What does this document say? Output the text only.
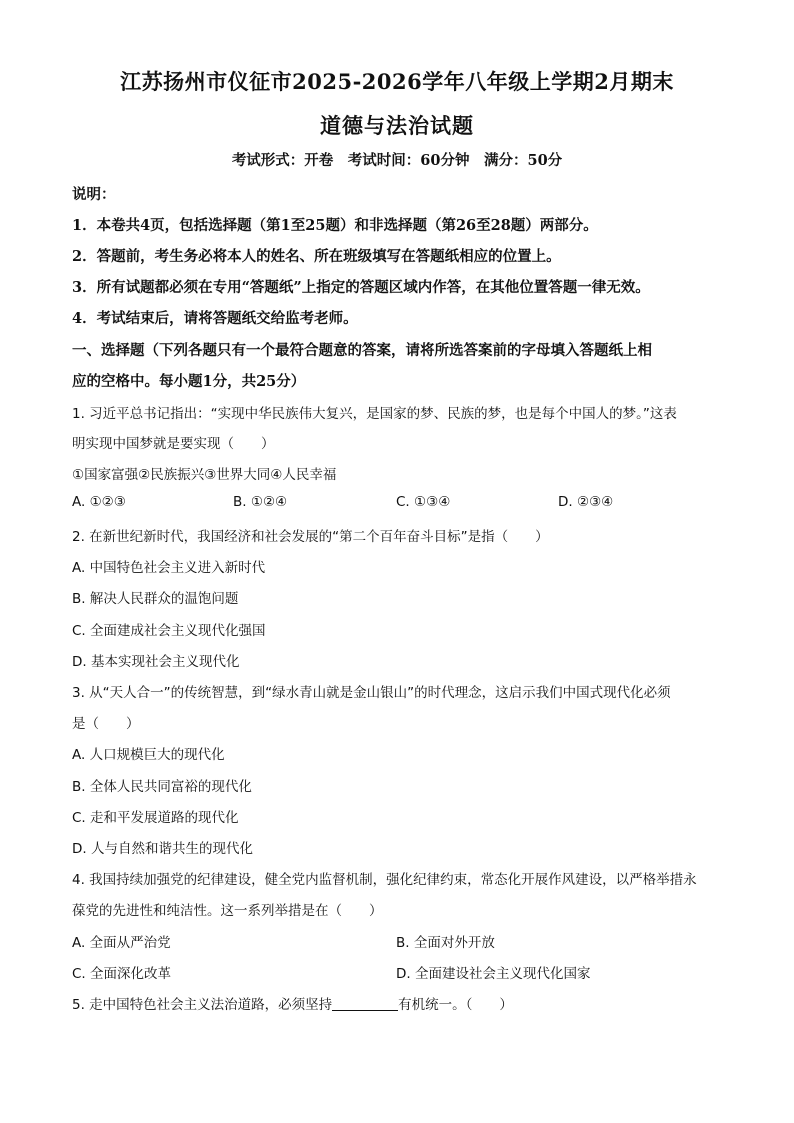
江苏扬州市仪征市2025-2026学年八年级上学期2月期末
道德与法治试题
考试形式：开卷　考试时间：60分钟　满分：50分
说明：
1．本卷共4页，包括选择题（第1至25题）和非选择题（第26至28题）两部分。
2．答题前，考生务必将本人的姓名、所在班级填写在答题纸相应的位置上。
3．所有试题都必须在专用“答题纸”上指定的答题区域内作答，在其他位置答题一律无效。
4．考试结束后，请将答题纸交给监考老师。
一、选择题（下列各题只有一个最符合题意的答案，请将所选答案前的字母填入答题纸上相
应的空格中。每小题1分，共25分）
1. 习近平总书记指出：“实现中华民族伟大复兴，是国家的梦、民族的梦，也是每个中国人的梦。”这表
明实现中国梦就是要实现（　　）
①国家富强②民族振兴③世界大同④人民幸福
A. ①②③	B. ①②④	C. ①③④	D. ②③④
2. 在新世纪新时代，我国经济和社会发展的“第二个百年奋斗目标”是指（　　）
A. 中国特色社会主义进入新时代
B. 解决人民群众的温饱问题
C. 全面建成社会主义现代化强国
D. 基本实现社会主义现代化
3. 从“天人合一”的传统智慧，到“绿水青山就是金山银山”的时代理念，这启示我们中国式现代化必须
是（　　）
A. 人口规模巨大的现代化
B. 全体人民共同富裕的现代化
C. 走和平发展道路的现代化
D. 人与自然和谐共生的现代化
4. 我国持续加强党的纪律建设，健全党内监督机制，强化纪律约束，常态化开展作风建设，以严格举措永
葆党的先进性和纯洁性。这一系列举措是在（　　）
A. 全面从严治党	B. 全面对外开放
C. 全面深化改革	D. 全面建设社会主义现代化国家
5. 走中国特色社会主义法治道路，必须坚持	有机统一。（　　）
